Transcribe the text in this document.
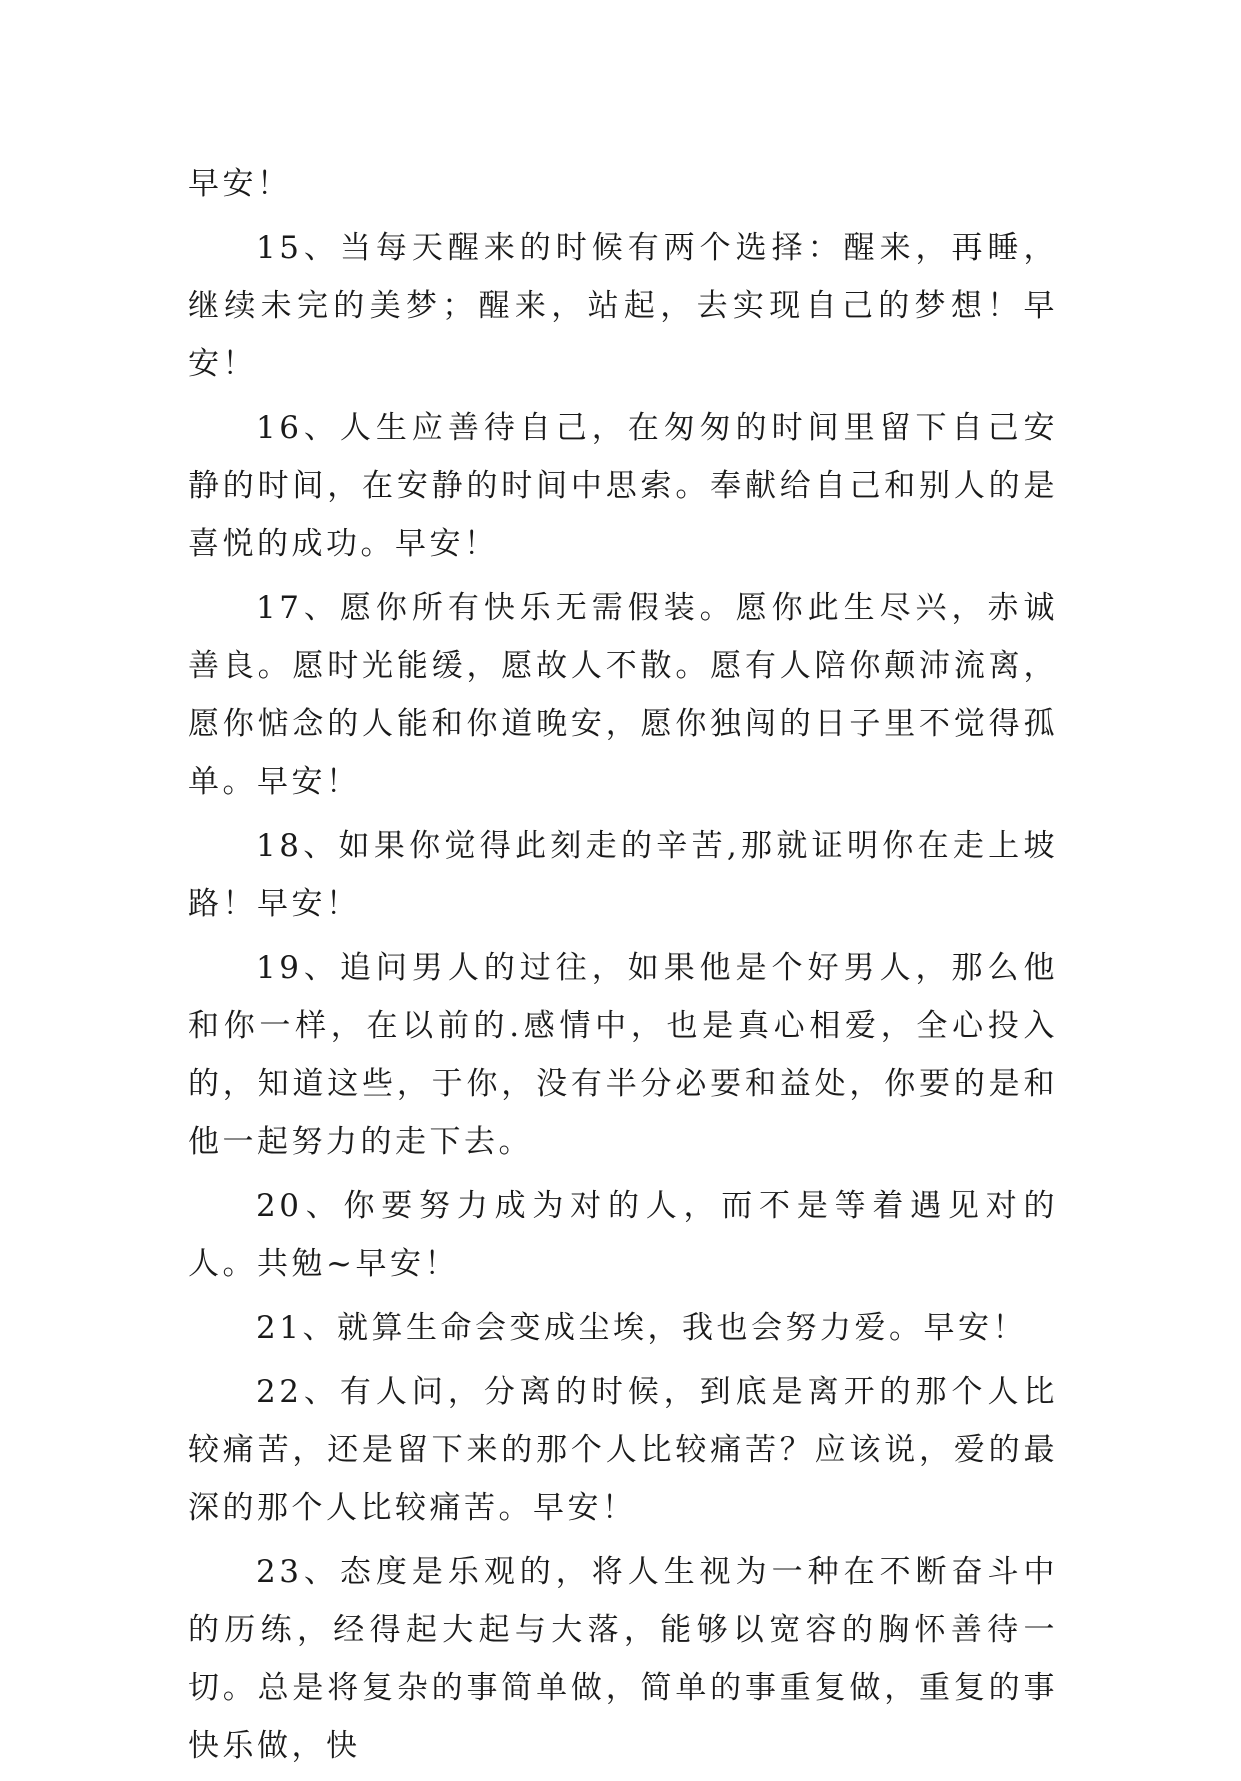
早安！

15、当每天醒来的时候有两个选择：醒来，再睡，继续未完的美梦；醒来，站起，去实现自己的梦想！早安！

16、人生应善待自己，在匆匆的时间里留下自己安静的时间，在安静的时间中思索。奉献给自己和别人的是喜悦的成功。早安！

17、愿你所有快乐无需假装。愿你此生尽兴，赤诚善良。愿时光能缓，愿故人不散。愿有人陪你颠沛流离，愿你惦念的人能和你道晚安，愿你独闯的日子里不觉得孤单。早安！

18、如果你觉得此刻走的辛苦,那就证明你在走上坡路！早安！

19、追问男人的过往，如果他是个好男人，那么他和你一样，在以前的.感情中，也是真心相爱，全心投入的，知道这些，于你，没有半分必要和益处，你要的是和他一起努力的走下去。

20、你要努力成为对的人，而不是等着遇见对的人。共勉~早安！

21、就算生命会变成尘埃，我也会努力爱。早安！

22、有人问，分离的时候，到底是离开的那个人比较痛苦，还是留下来的那个人比较痛苦？应该说，爱的最深的那个人比较痛苦。早安！

23、态度是乐观的，将人生视为一种在不断奋斗中的历练，经得起大起与大落，能够以宽容的胸怀善待一切。总是将复杂的事简单做，简单的事重复做，重复的事快乐做，快
